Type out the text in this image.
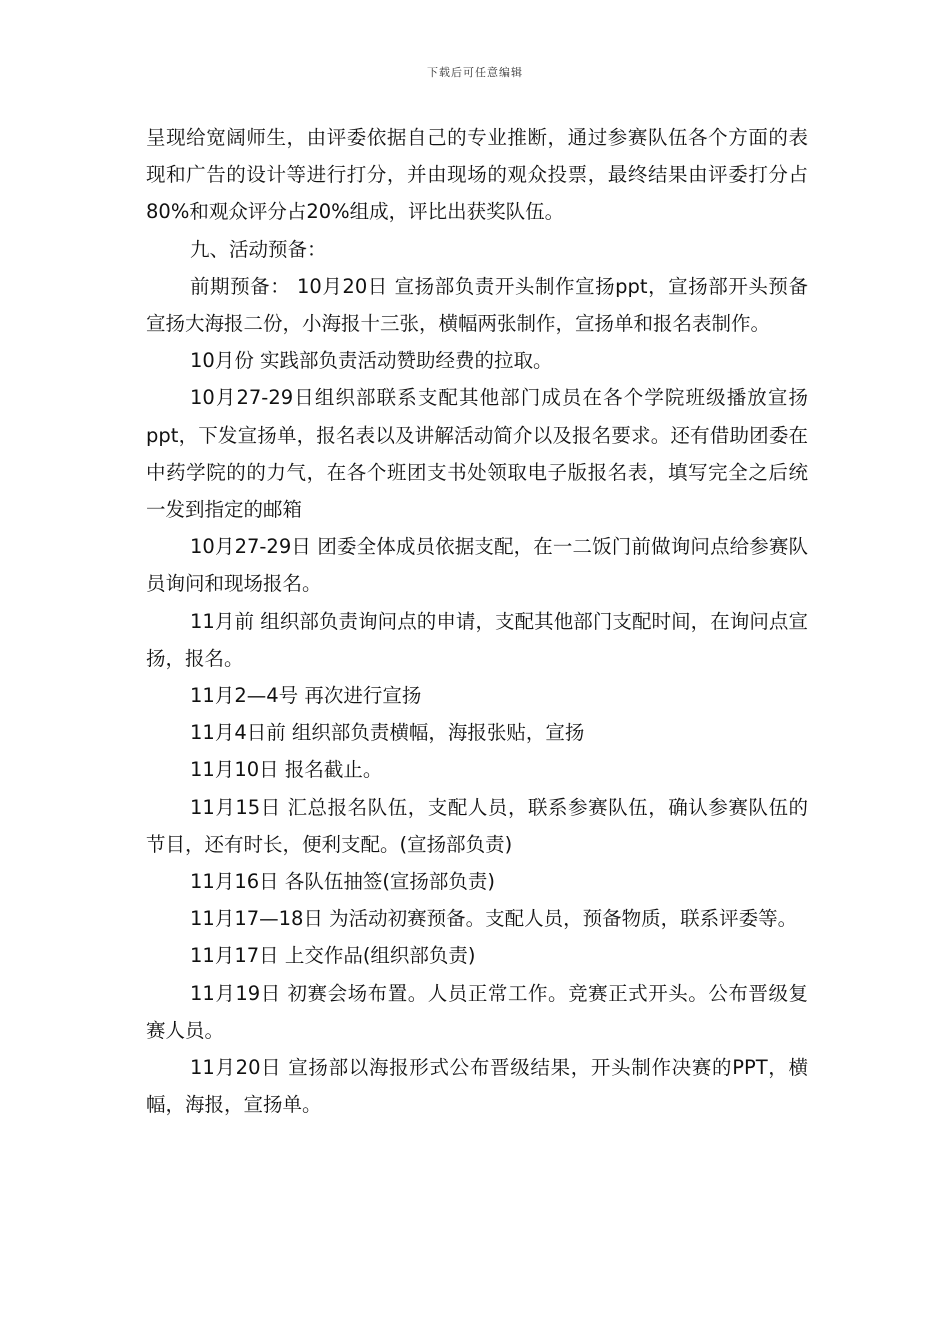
下载后可任意编辑

呈现给宽阔师生，由评委依据自己的专业推断，通过参赛队伍各个方面的表现和广告的设计等进行打分，并由现场的观众投票，最终结果由评委打分占80%和观众评分占20%组成，评比出获奖队伍。

九、活动预备：

前期预备： 10月20日 宣扬部负责开头制作宣扬ppt，宣扬部开头预备宣扬大海报二份，小海报十三张，横幅两张制作，宣扬单和报名表制作。

10月份 实践部负责活动赞助经费的拉取。

10月27-29日组织部联系支配其他部门成员在各个学院班级播放宣扬ppt，下发宣扬单，报名表以及讲解活动简介以及报名要求。还有借助团委在中药学院的的力气，在各个班团支书处领取电子版报名表，填写完全之后统一发到指定的邮箱

10月27-29日 团委全体成员依据支配，在一二饭门前做询问点给参赛队员询问和现场报名。

11月前 组织部负责询问点的申请，支配其他部门支配时间，在询问点宣扬，报名。

11月2—4号 再次进行宣扬

11月4日前 组织部负责横幅，海报张贴，宣扬

11月10日 报名截止。

11月15日 汇总报名队伍，支配人员，联系参赛队伍，确认参赛队伍的节目，还有时长，便利支配。(宣扬部负责)

11月16日 各队伍抽签(宣扬部负责)

11月17—18日 为活动初赛预备。支配人员，预备物质，联系评委等。

11月17日 上交作品(组织部负责)

11月19日 初赛会场布置。人员正常工作。竞赛正式开头。公布晋级复赛人员。

11月20日 宣扬部以海报形式公布晋级结果，开头制作决赛的PPT，横幅，海报，宣扬单。
